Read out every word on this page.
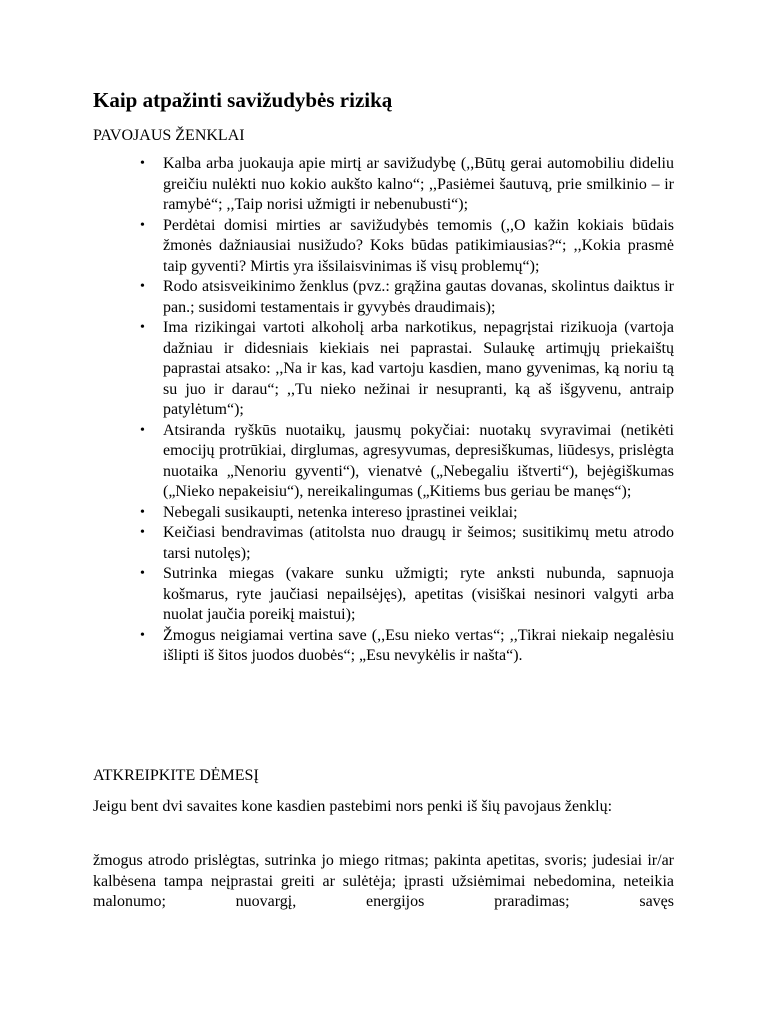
Kaip atpažinti savižudybės riziką
PAVOJAUS ŽENKLAI
• Kalba arba juokauja apie mirtį ar savižudybę (,,Būtų gerai automobiliu dideliu greičiu nulėkti nuo kokio aukšto kalno“; ,,Pasiėmei šautuvą, prie smilkinio – ir ramybė“; ,,Taip norisi užmigti ir nebenubusti“);
• Perdėtai domisi mirties ar savižudybės temomis (,,O kažin kokiais būdais žmonės dažniausiai nusižudo? Koks būdas patikimiausias?“; ,,Kokia prasmė taip gyventi? Mirtis yra išsilaisvinimas iš visų problemų“);
• Rodo atsisveikinimo ženklus (pvz.: grąžina gautas dovanas, skolintus daiktus ir pan.; susidomi testamentais ir gyvybės draudimais);
• Ima rizikingai vartoti alkoholį arba narkotikus, nepagrįstai rizikuoja (vartoja dažniau ir didesniais kiekiais nei paprastai. Sulaukę artimųjų priekaištų paprastai atsako: ,,Na ir kas, kad vartoju kasdien, mano gyvenimas, ką noriu tą su juo ir darau“; ,,Tu nieko nežinai ir nesupranti, ką aš išgyvenu, antraip patylėtum“);
• Atsiranda ryškūs nuotaikų, jausmų pokyčiai: nuotakų svyravimai (netikėti emocijų protrūkiai, dirglumas, agresyvumas, depresiškumas, liūdesys, prislėgta nuotaika „Nenoriu gyventi“), vienatvė („Nebegaliu ištverti“), bejėgiškumas („Nieko nepakeisiu“), nereikalingumas („Kitiems bus geriau be manęs“);
• Nebegali susikaupti, netenka intereso įprastinei veiklai;
• Keičiasi bendravimas (atitolsta nuo draugų ir šeimos; susitikimų metu atrodo tarsi nutolęs);
• Sutrinka miegas (vakare sunku užmigti; ryte anksti nubunda, sapnuoja košmarus, ryte jaučiasi nepailsėjęs), apetitas (visiškai nesinori valgyti arba nuolat jaučia poreikį maistui);
• Žmogus neigiamai vertina save (,,Esu nieko vertas“; ,,Tikrai niekaip negalėsiu išlipti iš šitos juodos duobės“; „Esu nevykėlis ir našta“).
ATKREIPKITE DĖMESĮ

Jeigu bent dvi savaites kone kasdien pastebimi nors penki iš šių pavojaus ženklų:

žmogus atrodo prislėgtas, sutrinka jo miego ritmas; pakinta apetitas, svoris; judesiai ir/ar kalbėsena tampa neįprastai greiti ar sulėtėja; įprasti užsiėmimai nebedomina, neteikia malonumo; nuovargį, energijos praradimas; savęs
